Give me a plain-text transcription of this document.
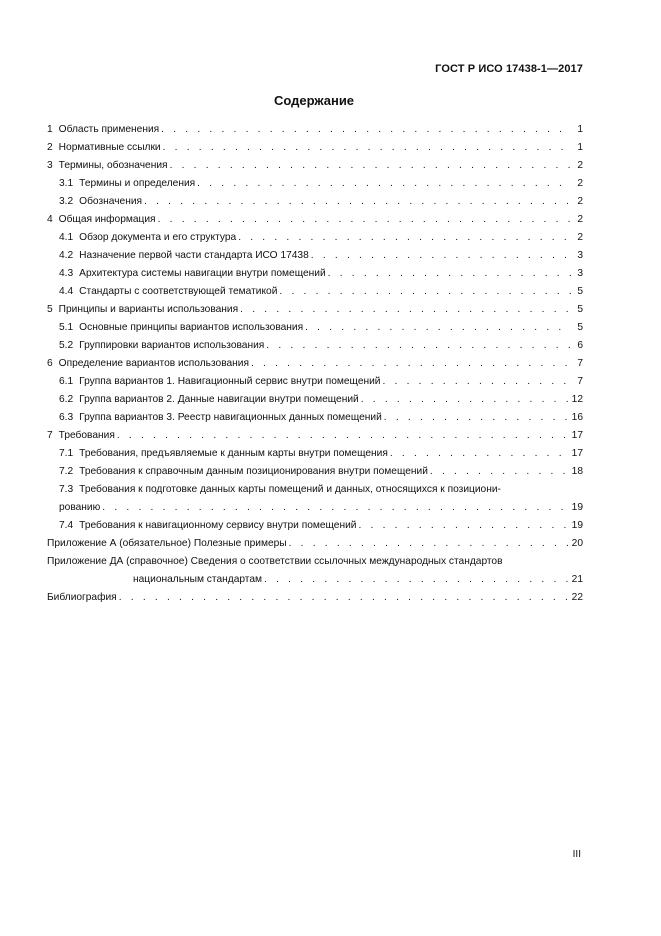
ГОСТ Р ИСО 17438-1—2017
Содержание
1 Область применения . . .	1
2 Нормативные ссылки . . .	1
3 Термины, обозначения . . .	2
3.1 Термины и определения . . .	2
3.2 Обозначения . . .	2
4 Общая информация . . .	2
4.1 Обзор документа и его структура . . .	2
4.2 Назначение первой части стандарта ИСО 17438 . . .	3
4.3 Архитектура системы навигации внутри помещений . . .	3
4.4 Стандарты с соответствующей тематикой . . .	5
5 Принципы и варианты использования . . .	5
5.1 Основные принципы вариантов использования . . .	5
5.2 Группировки вариантов использования . . .	6
6 Определение вариантов использования . . .	7
6.1 Группа вариантов 1. Навигационный сервис внутри помещений . . .	7
6.2 Группа вариантов 2. Данные навигации внутри помещений . . .	12
6.3 Группа вариантов 3. Реестр навигационных данных помещений . . .	16
7 Требования . . .	17
7.1 Требования, предъявляемые к данным карты внутри помещения . . .	17
7.2 Требования к справочным данным позиционирования внутри помещений . . .	18
7.3 Требования к подготовке данных карты помещений и данных, относящихся к позициони-
рованию . . .	19
7.4 Требования к навигационному сервису внутри помещений . . .	19
Приложение А (обязательное) Полезные примеры . . .	20
Приложение ДА (справочное) Сведения о соответствии ссылочных международных стандартов
национальным стандартам . . .	21
Библиография . . .	22
III
